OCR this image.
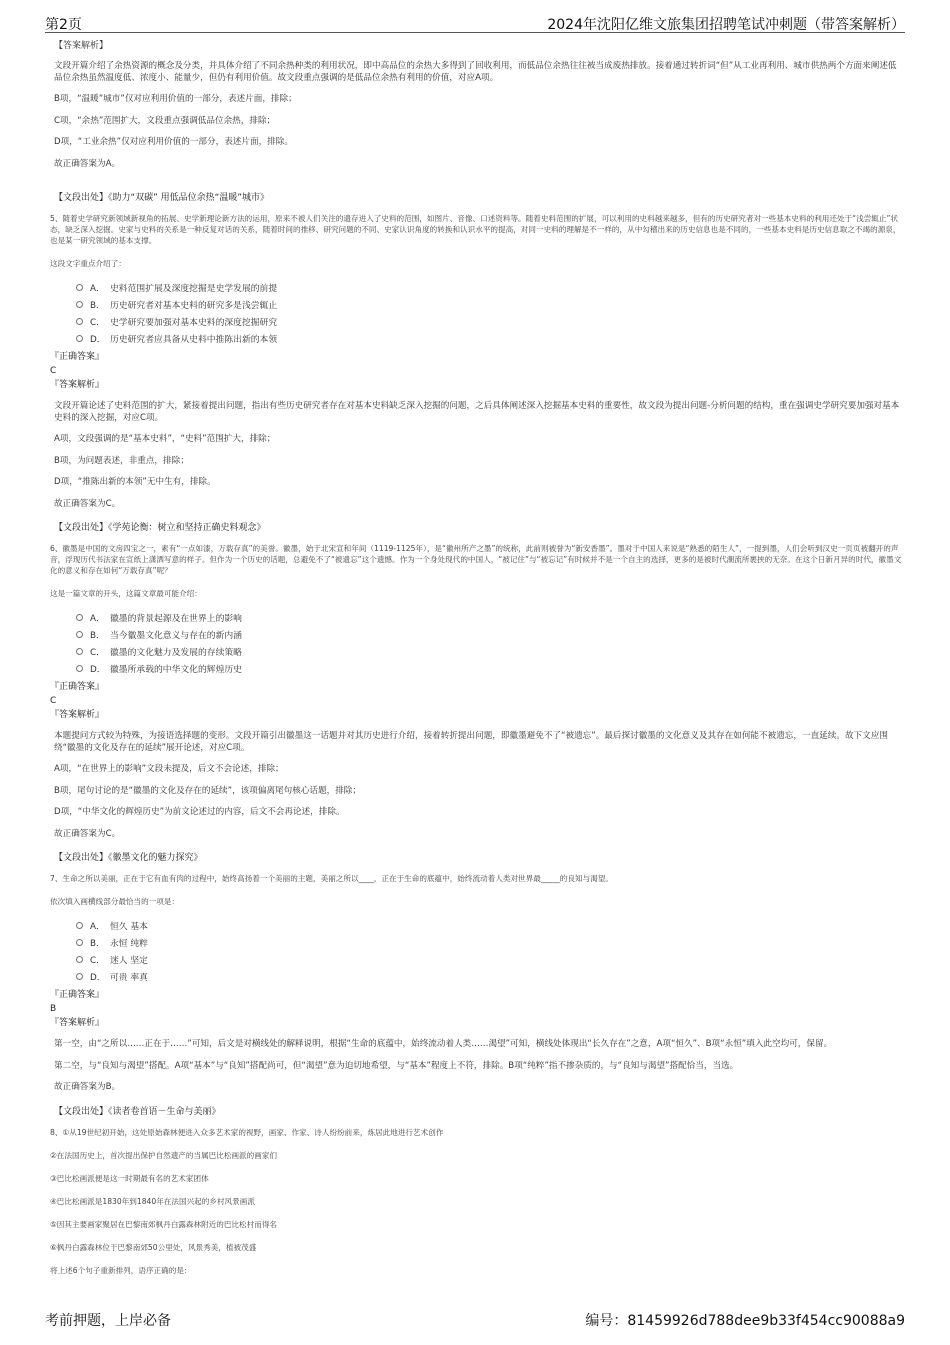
第2页	2024年沈阳亿维文旅集团招聘笔试冲刺题（带答案解析）
【答案解析】
文段开篇介绍了余热资源的概念及分类，并具体介绍了不同余热种类的利用状况，即中高品位的余热大多得到了回收利用，而低品位余热往往被当成废热排放。接着通过转折词“但”从工业再利用、城市供热两个方面来阐述低品位余热虽然温度低、浓度小、能量少，但仍有利用价值。故文段重点强调的是低品位余热有利用的价值，对应A项。
B项，“温暖”城市”仅对应利用价值的一部分，表述片面，排除；
C项，“余热”范围扩大，文段重点强调低品位余热，排除；
D项，“工业余热”仅对应利用价值的一部分，表述片面，排除。
故正确答案为A。
【文段出处】《助力“双碳” 用低品位余热“温暖”城市》
5、随着史学研究新领域新视角的拓展、史学新理论新方法的运用，原来不被人们关注的遗存进入了史料的范围，如图片、音像、口述资料等。随着史料范围的扩展，可以利用的史料越来越多，但有的历史研究者对一些基本史料的利用还处于“浅尝辄止”状态，缺乏深入挖掘。史家与史料的关系是一种反复对话的关系，随着时间的推移、研究问题的不同、史家认识角度的转换和认识水平的提高，对同一史料的理解是不一样的，从中勾稽出来的历史信息也是不同的，一些基本史料是历史信息取之不竭的源泉，也是某一研究领域的基本支撑。
这段文字重点介绍了：
A． 史料范围扩展及深度挖掘是史学发展的前提
B． 历史研究者对基本史料的研究多是浅尝辄止
C． 史学研究要加强对基本史料的深度挖掘研究
D． 历史研究者应具备从史料中推陈出新的本领
『正确答案』
C
『答案解析』
文段开篇论述了史料范围的扩大，紧接着提出问题，指出有些历史研究者存在对基本史料缺乏深入挖掘的问题，之后具体阐述深入挖掘基本史料的重要性，故文段为提出问题-分析问题的结构，重在强调史学研究要加强对基本史料的深入挖掘，对应C项。
A项，文段强调的是“基本史料”，“史料”范围扩大，排除；
B项，为问题表述，非重点，排除；
D项，“推陈出新的本领”无中生有，排除。
故正确答案为C。
【文段出处】《学苑论衡：树立和坚持正确史料观念》
6、徽墨是中国的文房四宝之一，素有“一点如漆，万载存真”的美誉。徽墨，始于北宋宣和年间（1119-1125年），是“徽州所产之墨”的统称，此前则被誉为“新安香墨”。墨对于中国人来说是“熟悉的陌生人”，一提到墨，人们会听到汉史一页页被翻开的声音，浮现历代书法家在宣纸上潇洒写意的样子。但作为一个历史的话题，总避免不了“被遗忘”这个遗憾。作为一个身处现代的中国人，“被记住”与“被忘记”有时候并不是一个自主的选择，更多的是被时代潮流所裹挟的无奈。在这个日新月异的时代，徽墨文化的意义和存在如何“万载存真”呢？
这是一篇文章的开头，这篇文章最可能介绍：
A． 徽墨的背景起源及在世界上的影响
B． 当今徽墨文化意义与存在的新内涵
C． 徽墨的文化魅力及发展的存续策略
D． 徽墨所承载的中华文化的辉煌历史
『正确答案』
C
『答案解析』
本题提问方式较为特殊，为接语选择题的变形。文段开篇引出徽墨这一话题并对其历史进行介绍，接着转折提出问题，即徽墨避免不了“被遗忘”。最后探讨徽墨的文化意义及其存在如何能不被遗忘，一直延续。故下文应围绕“徽墨的文化及存在的延续”展开论述，对应C项。
A项，“在世界上的影响”文段未提及，后文不会论述，排除；
B项，尾句讨论的是“徽墨的文化及存在的延续”，该项偏离尾句核心话题，排除；
D项，“中华文化的辉煌历史”为前文论述过的内容，后文不会再论述，排除。
故正确答案为C。
【文段出处】《徽墨文化的魅力探究》
7、生命之所以美丽，正在于它有血有肉的过程中，始终高扬着一个美丽的主题，美丽之所以____，正在于生命的底蕴中，始终流动着人类对世界最_____的良知与渴望。
依次填入画横线部分最恰当的一项是：
A． 恒久 基本
B． 永恒 纯粹
C． 迷人 坚定
D． 可贵 率真
『正确答案』
B
『答案解析』
第一空，由“之所以……正在于……”可知，后文是对横线处的解释说明，根据“生命的底蕴中，始终流动着人类……渴望”可知，横线处体现出“长久存在”之意，A项“恒久”、B项“永恒”填入此空均可，保留。
第二空，与“良知与渴望”搭配。A项“基本”与“良知”搭配尚可，但“渴望”意为迫切地希望，与“基本”程度上不符，排除。B项“纯粹”指不掺杂质的，与“良知与渴望”搭配恰当，当选。
故正确答案为B。
【文段出处】《读者卷首语－生命与美丽》
8、①从19世纪初开始，这处原始森林便进入众多艺术家的视野，画家、作家、诗人纷纷前来，炼居此地进行艺术创作
②在法国历史上，首次提出保护自然遗产的当属巴比松画派的画家们
③巴比松画派便是这一时期最有名的艺术家团体
④巴比松画派是1830年到1840年在法国兴起的乡村风景画派
⑤因其主要画家聚居在巴黎南郊枫丹白露森林附近的巴比松村而得名
⑥枫丹白露森林位于巴黎南郊50公里处，风景秀美，植被茂盛
将上述6个句子重新排列，语序正确的是：
考前押题，上岸必备	编号：81459926d788dee9b33f454cc90088a9
